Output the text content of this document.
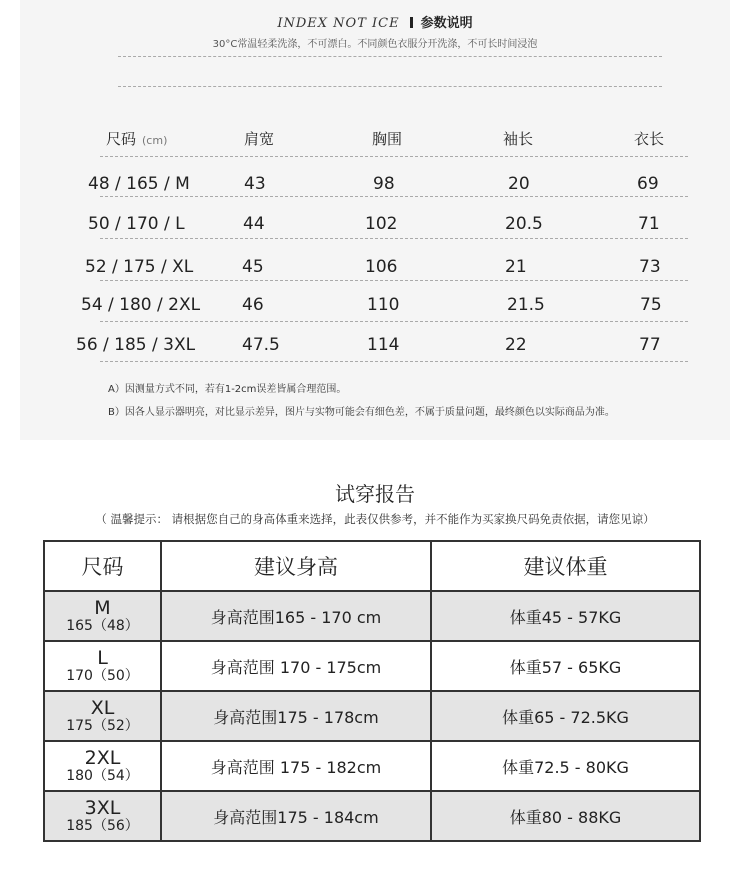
INDEX NOT ICE 参数说明
30°C常温轻柔洗涤，不可漂白。不同颜色衣服分开洗涤，不可长时间浸泡
尺码 (cm)	肩宽	胸围	袖长	衣长
48 / 165 / M	43	98	20	69
50 / 170 / L	44	102	20.5	71
52 / 175 / XL	45	106	21	73
54 / 180 / 2XL 46	110	21.5	75
56 / 185 / 3XL	47.5	114	22	77
A）因测量方式不同，若有1-2cm误差皆属合理范围。
B）因各人显示器明亮，对比显示差异，图片与实物可能会有细色差，不属于质量问题，最终颜色以实际商品为准。
试穿报告
（ 温馨提示： 请根据您自己的身高体重来选择，此表仅供参考，并不能作为买家换尺码免责依据，请您见谅）
尺码	建议身高	建议体重

M
165（48）	身高范围165 - 170 cm	体重45 - 57KG

L
170（50）	身高范围 170 - 175cm	体重57 - 65KG

XL
175（52）	身高范围175 - 178cm	体重65 - 72.5KG

2XL
180（54）	身高范围 175 - 182cm	体重72.5 - 80KG

3XL
185（56）	身高范围175 - 184cm	体重80 - 88KG
